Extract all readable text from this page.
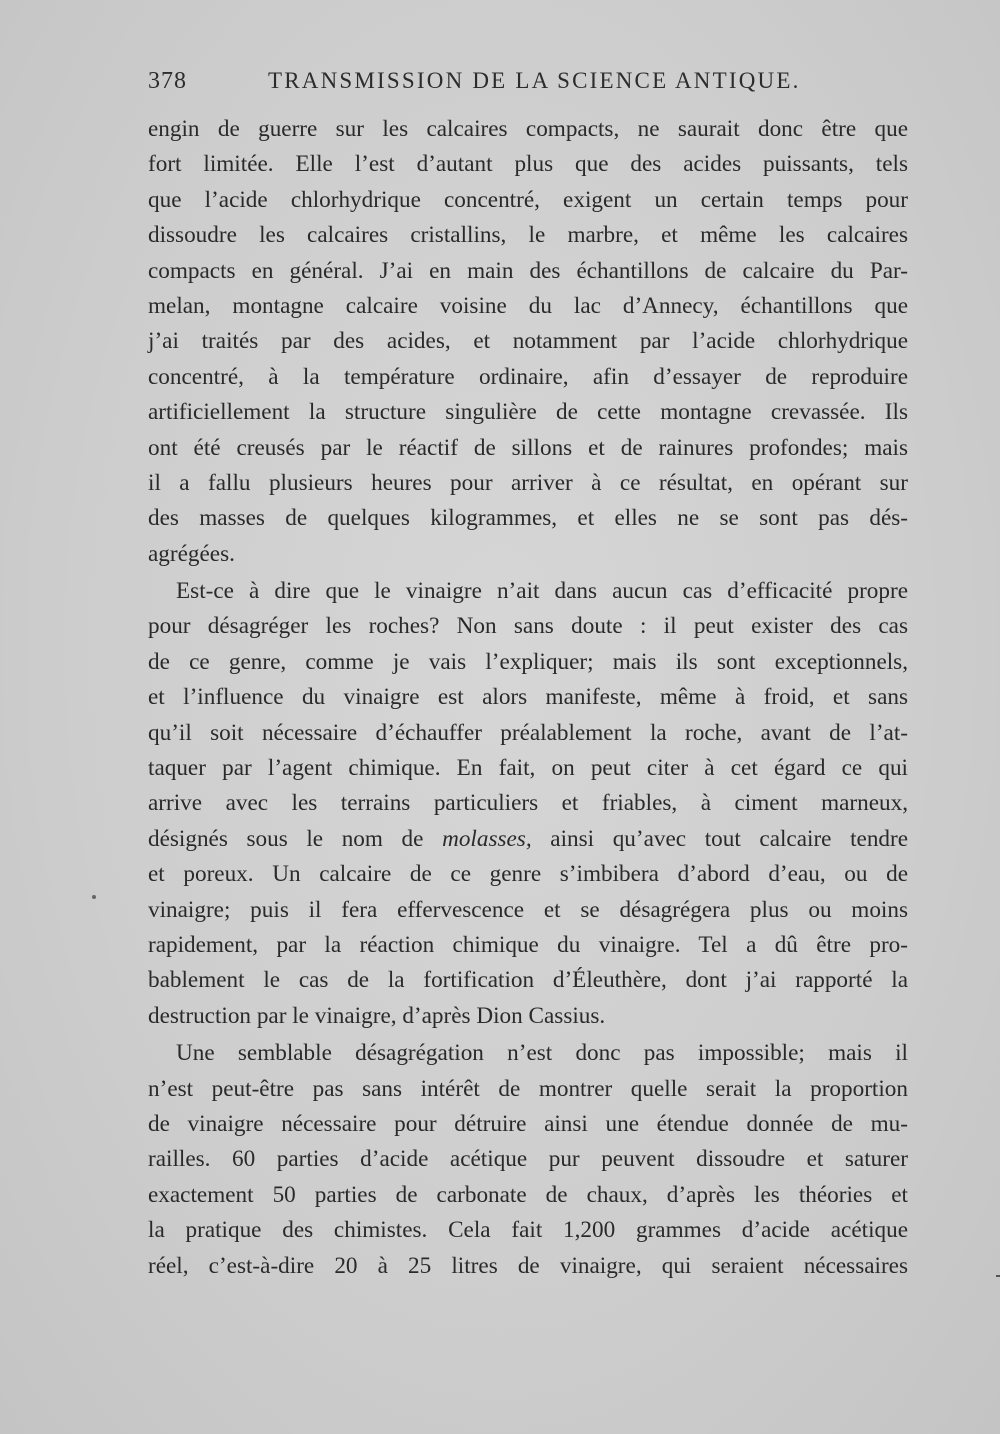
378	TRANSMISSION DE LA SCIENCE ANTIQUE.
engin de guerre sur les calcaires compacts, ne saurait donc être que
fort limitée. Elle l’est d’autant plus que des acides puissants, tels
que l’acide chlorhydrique concentré, exigent un certain temps pour
dissoudre les calcaires cristallins, le marbre, et même les calcaires
compacts en général. J’ai en main des échantillons de calcaire du Par-
melan, montagne calcaire voisine du lac d’Annecy, échantillons que
j’ai traités par des acides, et notamment par l’acide chlorhydrique
concentré, à la température ordinaire, afin d’essayer de reproduire
artificiellement la structure singulière de cette montagne crevassée. Ils
ont été creusés par le réactif de sillons et de rainures profondes; mais
il a fallu plusieurs heures pour arriver à ce résultat, en opérant sur
des masses de quelques kilogrammes, et elles ne se sont pas dés-
agrégées.
Est-ce à dire que le vinaigre n’ait dans aucun cas d’efficacité propre
pour désagréger les roches? Non sans doute : il peut exister des cas
de ce genre, comme je vais l’expliquer; mais ils sont exceptionnels,
et l’influence du vinaigre est alors manifeste, même à froid, et sans
qu’il soit nécessaire d’échauffer préalablement la roche, avant de l’at-
taquer par l’agent chimique. En fait, on peut citer à cet égard ce qui
arrive avec les terrains particuliers et friables, à ciment marneux,
désignés sous le nom de molasses, ainsi qu’avec tout calcaire tendre
et poreux. Un calcaire de ce genre s’imbibera d’abord d’eau, ou de
vinaigre; puis il fera effervescence et se désagrégera plus ou moins
rapidement, par la réaction chimique du vinaigre. Tel a dû être pro-
bablement le cas de la fortification d’Éleuthère, dont j’ai rapporté la
destruction par le vinaigre, d’après Dion Cassius.
Une semblable désagrégation n’est donc pas impossible; mais il
n’est peut-être pas sans intérêt de montrer quelle serait la proportion
de vinaigre nécessaire pour détruire ainsi une étendue donnée de mu-
railles. 60 parties d’acide acétique pur peuvent dissoudre et saturer
exactement 50 parties de carbonate de chaux, d’après les théories et
la pratique des chimistes. Cela fait 1,200 grammes d’acide acétique
réel, c’est-à-dire 20 à 25 litres de vinaigre, qui seraient nécessaires
